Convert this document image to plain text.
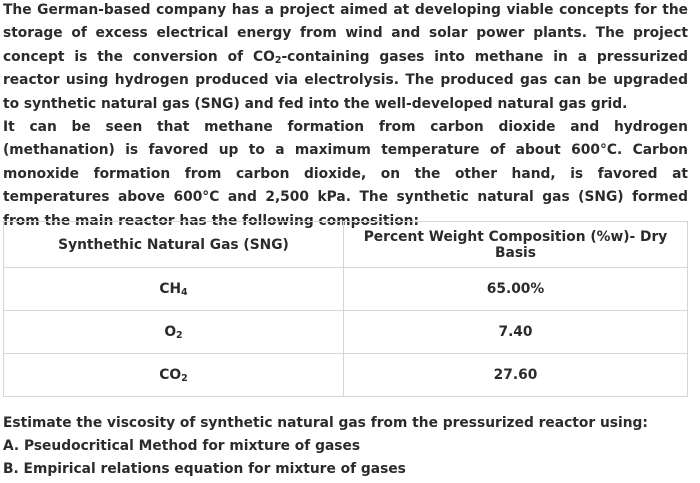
The German-based company has a project aimed at developing viable concepts for the storage of excess electrical energy from wind and solar power plants. The project concept is the conversion of $CO_2$-containing gases into methane in a pressurized reactor using hydrogen produced via electrolysis. The produced gas can be upgraded to synthetic natural gas (SNG) and fed into the well-developed natural gas grid.

It can be seen that methane formation from carbon dioxide and hydrogen (methanation) is favored up to a maximum temperature of about 600°C. Carbon monoxide formation from carbon dioxide, on the other hand, is favored at temperatures above 600°C and 2,500 kPa. The synthetic natural gas (SNG) formed from the main reactor has the following composition:

Synthethic Natural Gas (SNG)	Percent Weight Composition (%w)- Dry Basis
$CH_4$	65.00%
$O_2$	7.40
$CO_2$	27.60

Estimate the viscosity of synthetic natural gas from the pressurized reactor using:

A. Pseudocritical Method for mixture of gases

B. Empirical relations equation for mixture of gases
